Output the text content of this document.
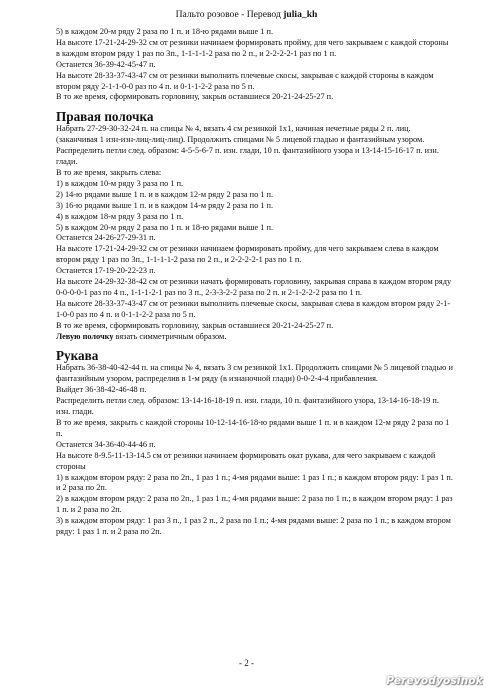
Пальто розовое - Перевод julia_kh

5) в каждом 20-м ряду 2 раза по 1 п. и 18-ю рядами выше 1 п.

На высоте 17-21-24-29-32 см от резинки начинаем формировать пройму, для чего закрываем с каждой стороны в каждом втором ряду 1 раз по 3п., 1-1-1-1-2 раза по 2 п., и 2-2-2-2-1 раз по 1 п.

Останется 36-39-42-45-47 п.

На высоте 28-33-37-43-47 см от резинки выполнить плечевые скосы, закрывая с каждой стороны в каждом втором ряду 2-1-1-0-0 раз по 4 п. и 0-1-1-2-2 раза по 5 п.

В то же время, сформировать горловину, закрыв оставшиеся 20-21-24-25-27 п.

Правая полочка

Набрать 27-29-30-32-24 п. на спицы № 4, вязать 4 см резинкой 1х1, начиная нечетные ряды 2 п. лиц. (заканчивая 1 изн-изн-лиц-лиц-лиц). Продолжить спицами № 5 лицевой гладью и фантазийным узором.

Распределить петли след. образом: 4-5-5-6-7 п. изн. глади, 10 п. фантазийного узора и 13-14-15-16-17 п. изн. глади.

В то же время, закрыть слева:

1) в каждом 10-м ряду 3 раза по 1 п.

2) 14-ю рядами выше 1 п. и в каждом 12-м ряду 2 раза по 1 п.

3) 16-ю рядами выше 1 п. и в каждом 14-м ряду 2 раза по 1 п.

4) в каждом 18-м ряду 3 раза по 1 п.

5) в каждом 20-м ряду 2 раза по 1 п. и 18-ю рядами выше 1 п.

Останется 24-26-27-29-31 п.

На высоте 17-21-24-29-32 см от резинки начинаем формировать пройму, для чего закрываем слева в каждом втором ряду 1 раз по 3п., 1-1-1-1-2 раза по 2 п., и 2-2-2-2-1 раз по 1 п.

Останется 17-19-20-22-23 п.

На высоте 24-29-32-38-42 см от резинки начать формировать горловину, закрывая справа в каждом втором ряду 0-0-0-0-1 раз по 4 п., 1-1-1-2-1 раз по 3 п., 2-3-3-2-2 раза по 2 п. и 2-1-2-2-2 раза по 1 п.

На высоте 28-33-37-43-47 см от резинки выполнить плечевые скосы, закрывая слева в каждом втором ряду 2-1-1-0-0 раз по 4 п. и 0-1-1-2-2 раза по 5 п.

В то же время, сформировать горловину, закрыв оставшиеся 20-21-24-25-27 п.

Левую полочку вязать симметричным образом.

Рукава

Набрать 36-38-40-42-44 п. на спицы № 4, вязать 3 см резинкой 1х1. Продолжить спицами № 5 лицевой гладью и фантазийным узором, распределив в 1-м ряду (в изнаночной глади) 0-0-2-4-4 прибавления.

Выйдет 36-38-42-46-48 п.

Распределить петли след. образом: 13-14-16-18-19 п. изн. глади, 10 п. фантазийного узора, 13-14-16-18-19 п. изн. глади.

В то же время, закрыть с каждой стороны 10-12-14-16-18-ю рядами выше 1 п. и в каждом 12-м ряду 2 раза по 1 п.

Останется 34-36-40-44-46 п.

На высоте 8-9.5-11-13-14.5 см от резинки начинаем формировать окат рукава, для чего закрываем с каждой стороны

1) в каждом втором ряду: 2 раза по 2п., 1 раз 1 п.; 4-мя рядами выше: 1 раз 1 п.; в каждом втором ряду: 1 раз 1 п. и 2 раза по 2п.

2) в каждом втором ряду: 2 раза по 2п., 1 раз 1 п.; 4-мя рядами выше: 2 раза по 1 п.; в каждом втором ряду: 1 раз 1 п. и 2 раза по 2п.

3) в каждом втором ряду: 1 раз 3 п., 1 раз 2 п., 2 раза по 1 п.; 4-мя рядами выше: 2 раза по 1 п.; в каждом втором ряду: 1 раз 1 п. и 2 раза по 2п.

- 2 -
Perevodyosinok
